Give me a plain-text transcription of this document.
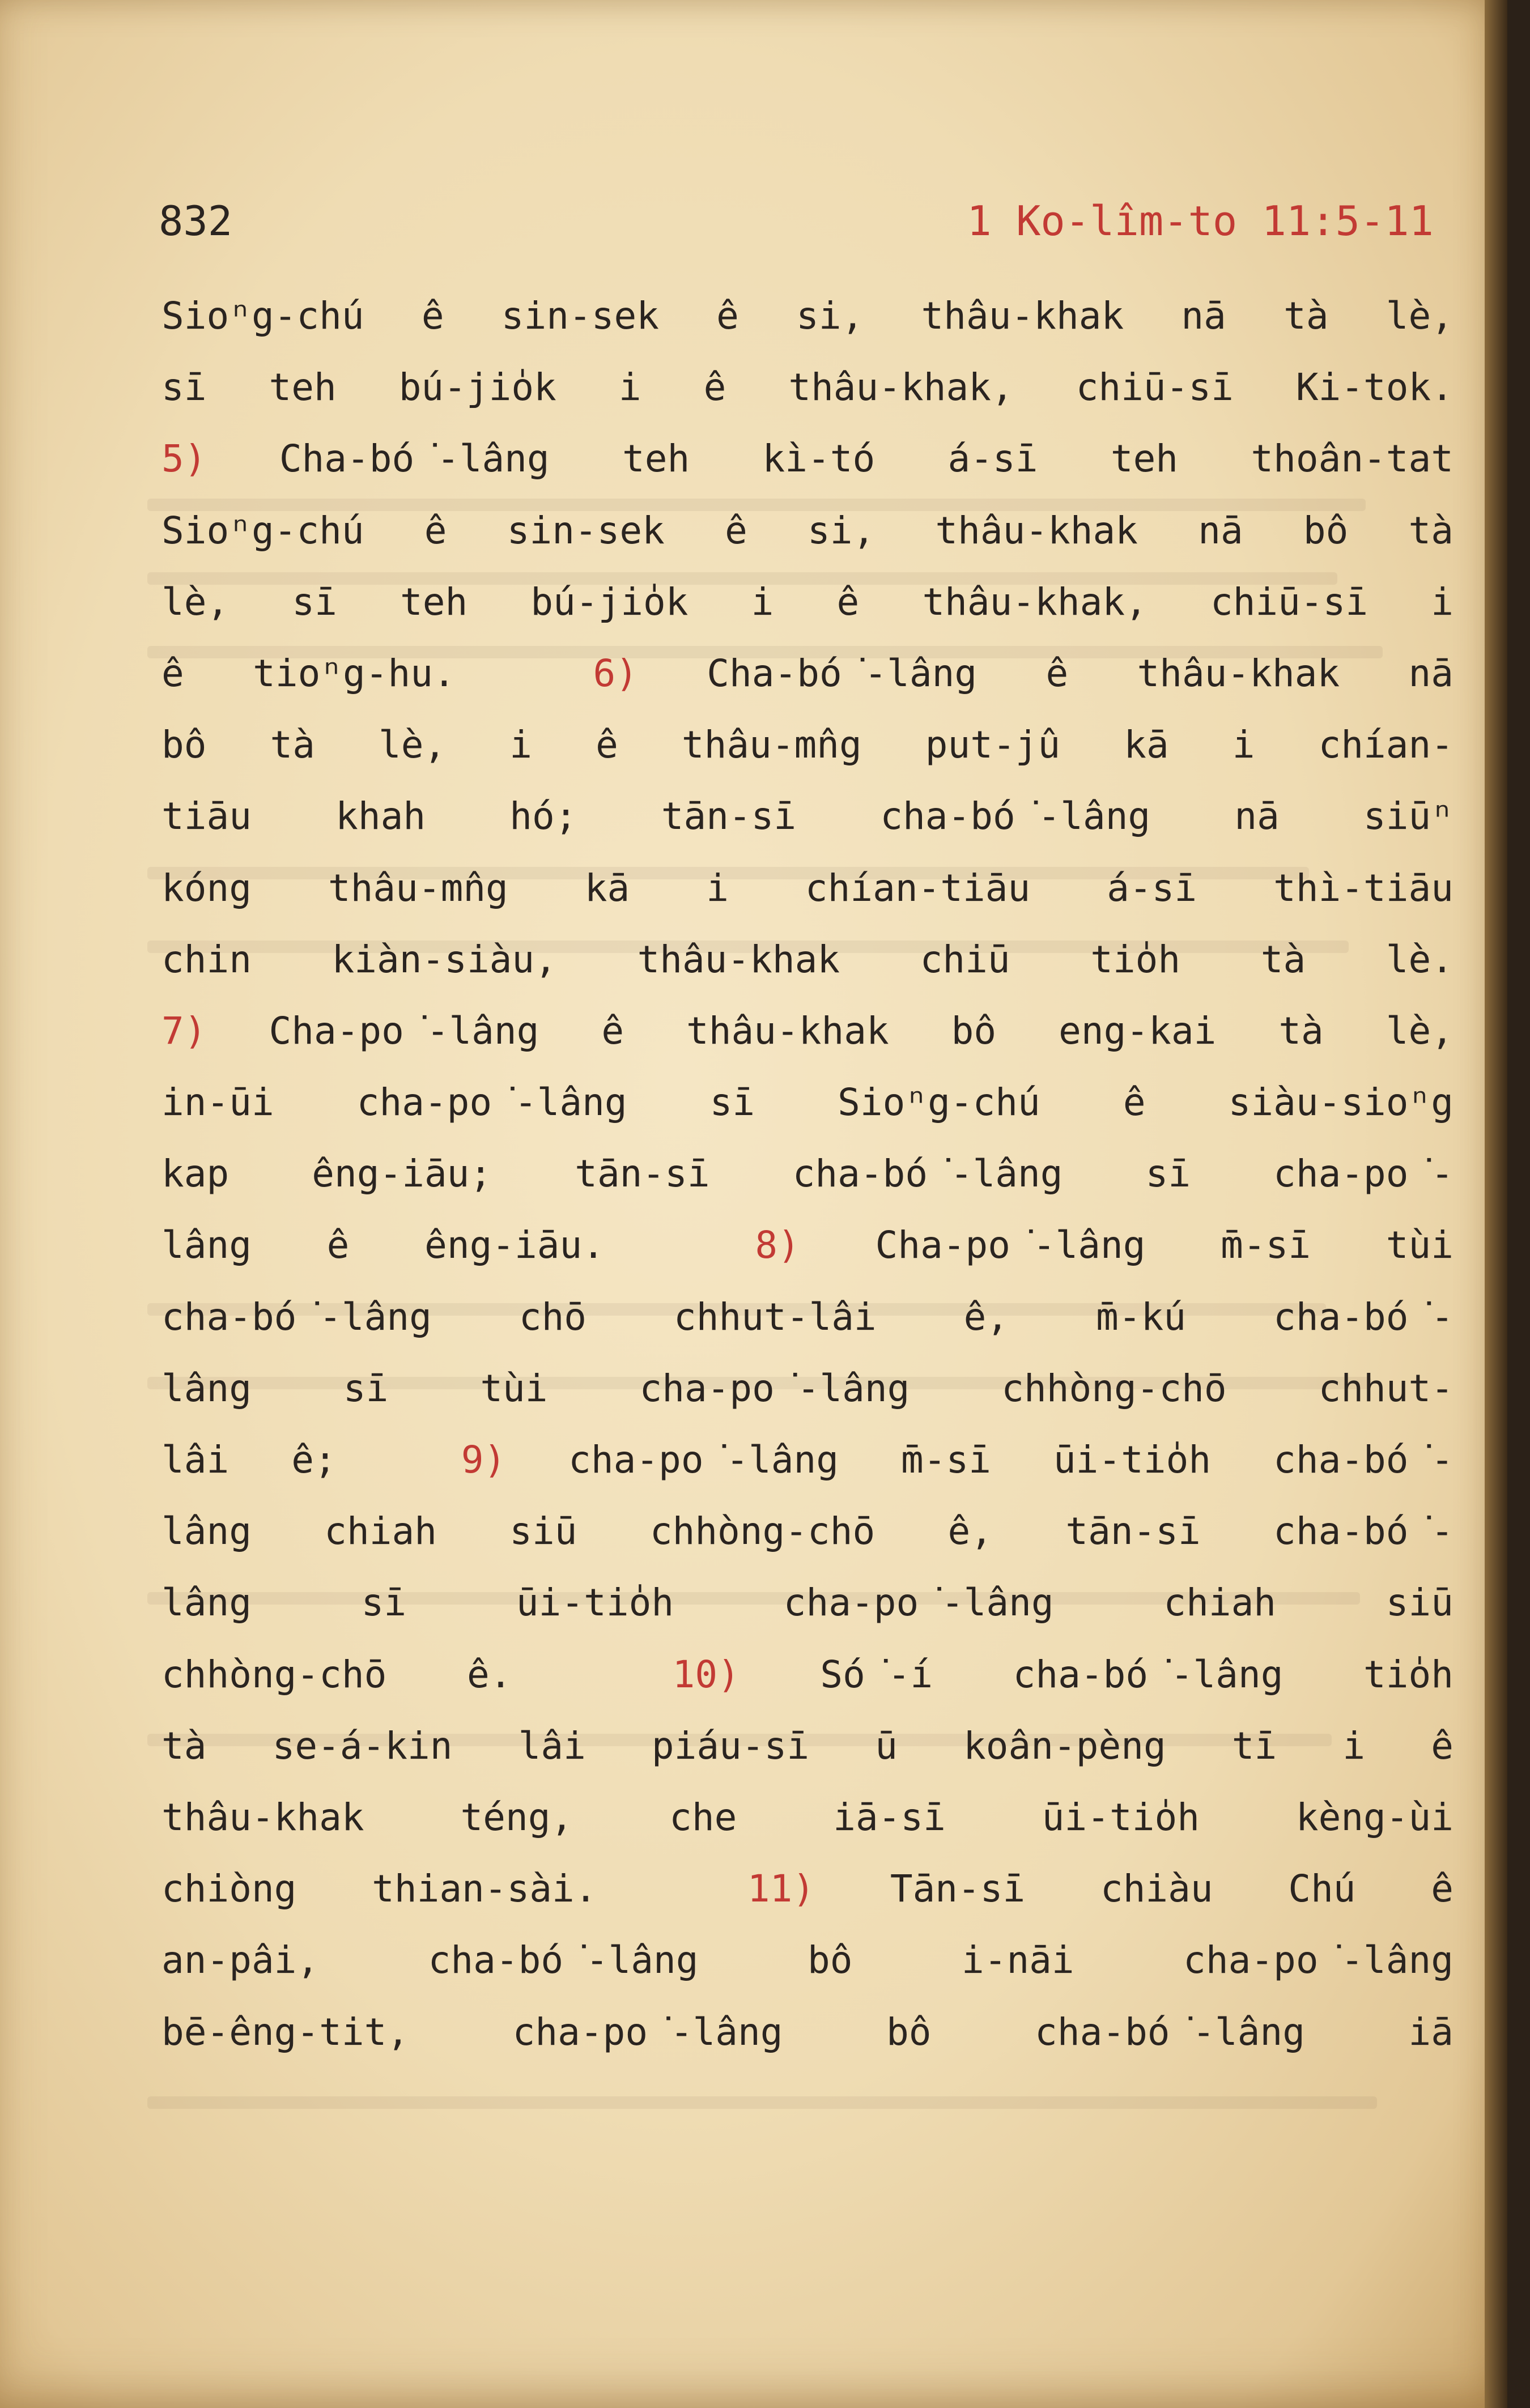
832	1 Ko-lîm-to 11:5-11
Sioⁿg-chú ê sin-sek ê si, thâu-khak nā tà lè,
sī teh bú-jio̍k i ê thâu-khak, chiū-sī Ki-tok.
5) Cha-bó͘-lâng teh kì-tó á-sī teh thoân-tat
Sioⁿg-chú ê sin-sek ê si, thâu-khak nā bô tà
lè, sī teh bú-jio̍k i ê thâu-khak, chiū-sī i
ê tioⁿg-hu.  6) Cha-bó͘-lâng ê thâu-khak nā
bô tà lè, i ê thâu-mn̂g put-jû kā i chían-
tiāu khah hó; tān-sī cha-bó͘-lâng nā siūⁿ
kóng thâu-mn̂g kā i chían-tiāu á-sī thì-tiāu
chin kiàn-siàu, thâu-khak chiū tio̍h tà lè.
7) Cha-po͘-lâng ê thâu-khak bô eng-kai tà lè,
in-ūi cha-po͘-lâng sī Sioⁿg-chú ê siàu-sioⁿg
kap êng-iāu; tān-sī cha-bó͘-lâng sī cha-po͘-
lâng ê êng-iāu.  8) Cha-po͘-lâng m̄-sī tùi
cha-bó͘-lâng chō chhut-lâi ê, m̄-kú cha-bó͘-
lâng sī tùi cha-po͘-lâng chhòng-chō chhut-
lâi ê;  9) cha-po͘-lâng m̄-sī ūi-tio̍h cha-bó͘-
lâng chiah siū chhòng-chō ê, tān-sī cha-bó͘-
lâng sī ūi-tio̍h cha-po͘-lâng chiah siū
chhòng-chō ê.  10) Só͘-í cha-bó͘-lâng tio̍h
tà se-á-kin lâi piáu-sī ū koân-pèng tī i ê
thâu-khak téng, che iā-sī ūi-tio̍h kèng-ùi
chiòng thian-sài.  11) Tān-sī chiàu Chú ê
an-pâi, cha-bó͘-lâng bô i-nāi cha-po͘-lâng
bē-êng-tit, cha-po͘-lâng bô cha-bó͘-lâng iā
